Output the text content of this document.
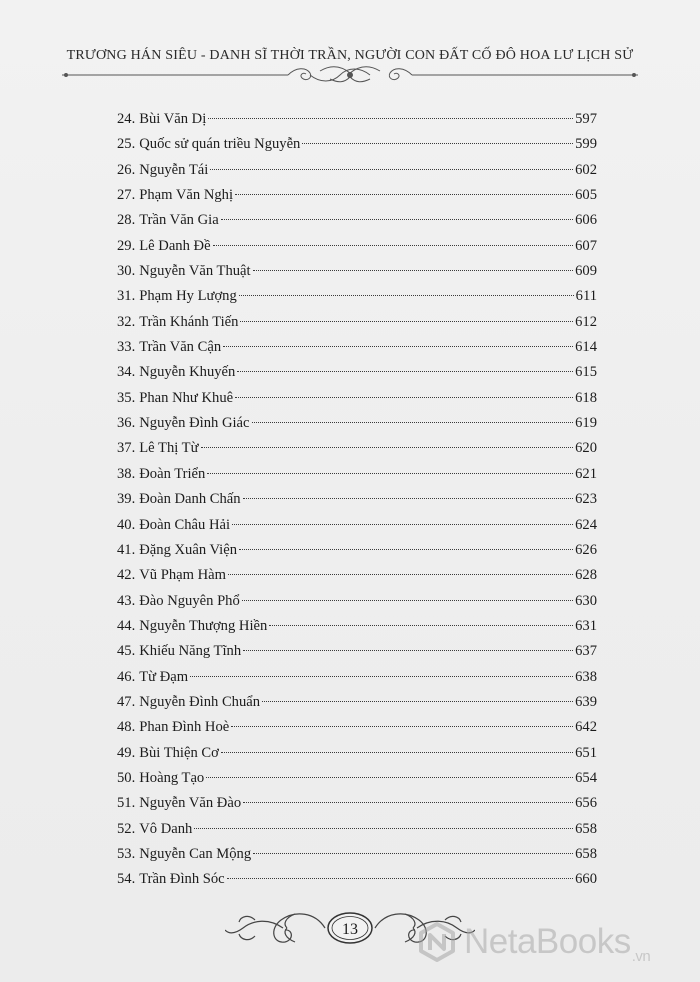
TRƯƠNG HÁN SIÊU - DANH SĨ THỜI TRẦN, NGƯỜI CON ĐẤT CỐ ĐÔ HOA LƯ LỊCH SỬ
24. Bùi Văn Dị	597
25. Quốc sử quán triều Nguyễn	599
26. Nguyễn Tái	602
27. Phạm Văn Nghị	605
28. Trần Văn Gia	606
29. Lê Danh Đề	607
30. Nguyễn Văn Thuật	609
31. Phạm Hy Lượng	611
32. Trần Khánh Tiến	612
33. Trần Văn Cận	614
34. Nguyễn Khuyến	615
35. Phan Như Khuê	618
36. Nguyễn Đình Giác	619
37. Lê Thị Từ	620
38. Đoàn Triển	621
39. Đoàn Danh Chấn	623
40. Đoàn Châu Hải	624
41. Đặng Xuân Viện	626
42. Vũ Phạm Hàm	628
43. Đào Nguyên Phổ	630
44. Nguyễn Thượng Hiền	631
45. Khiếu Năng Tĩnh	637
46. Từ Đạm	638
47. Nguyễn Đình Chuẩn	639
48. Phan Đình Hoè	642
49. Bùi Thiện Cơ	651
50. Hoàng Tạo	654
51. Nguyễn Văn Đào	656
52. Vô Danh	658
53. Nguyễn Can Mộng	658
54. Trần Đình Sóc	660
13	NetaBooks$_{.vn}$
